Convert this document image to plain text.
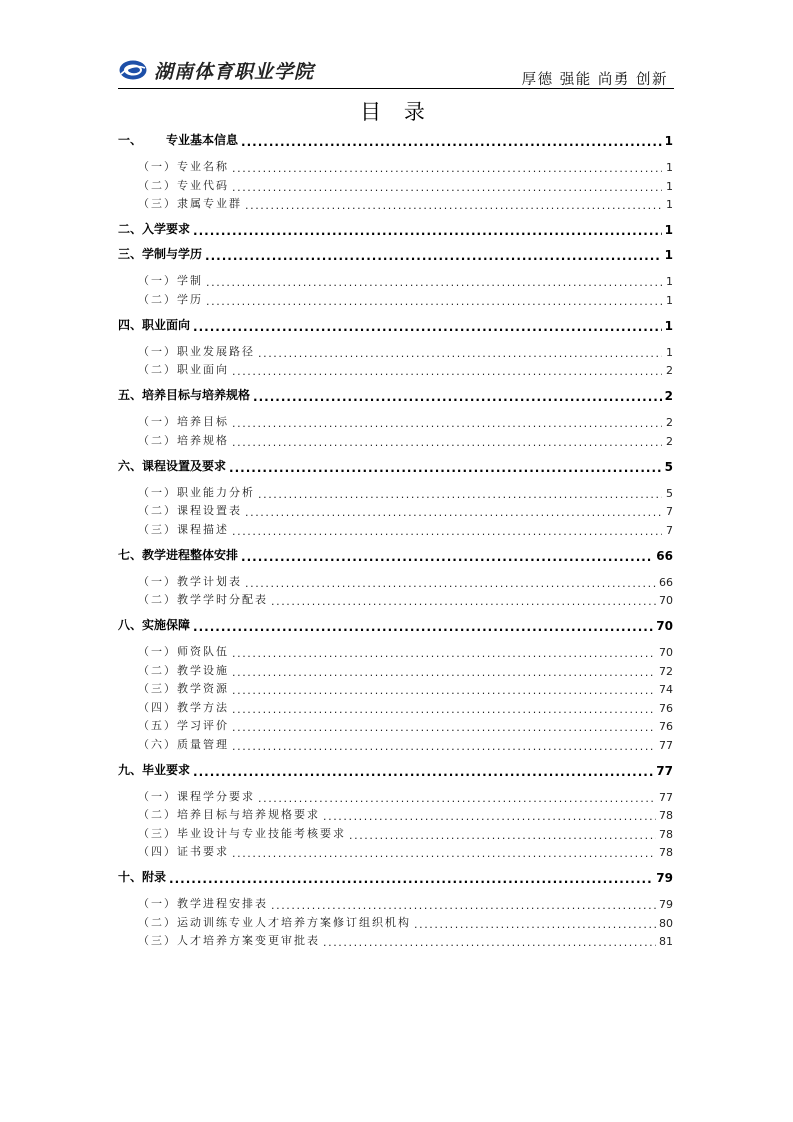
湖南体育职业学院	厚德 强能 尚勇 创新
目 录
一、 专业基本信息 .....	1
（一） 专业名称 .....	1
（二） 专业代码 .....	1
（三） 隶属专业群 .....	1
二、 入学要求 .....	1
三、 学制与学历 .....	1
（一） 学制 .....	1
（二） 学历 .....	1
四、 职业面向 .....	1
（一） 职业发展路径 .....	1
（二） 职业面向 .....	2
五、 培养目标与培养规格 .....	2
（一） 培养目标 .....	2
（二） 培养规格 .....	2
六、 课程设置及要求 .....	5
（一） 职业能力分析 .....	5
（二） 课程设置表 .....	7
（三） 课程描述 .....	7
七、 教学进程整体安排 .....	66
（一） 教学计划表 .....	66
（二） 教学学时分配表 .....	70
八、 实施保障 .....	70
（一） 师资队伍 .....	70
（二） 教学设施 .....	72
（三） 教学资源 .....	74
（四） 教学方法 .....	76
（五） 学习评价 .....	76
（六） 质量管理 .....	77
九、 毕业要求 .....	77
（一） 课程学分要求 .....	77
（二） 培养目标与培养规格要求 .....	78
（三） 毕业设计与专业技能考核要求 .....	78
（四） 证书要求 .....	78
十、 附录 .....	79
（一） 教学进程安排表 .....	79
（二） 运动训练专业人才培养方案修订组织机构 .....	80
（三） 人才培养方案变更审批表 .....	81
